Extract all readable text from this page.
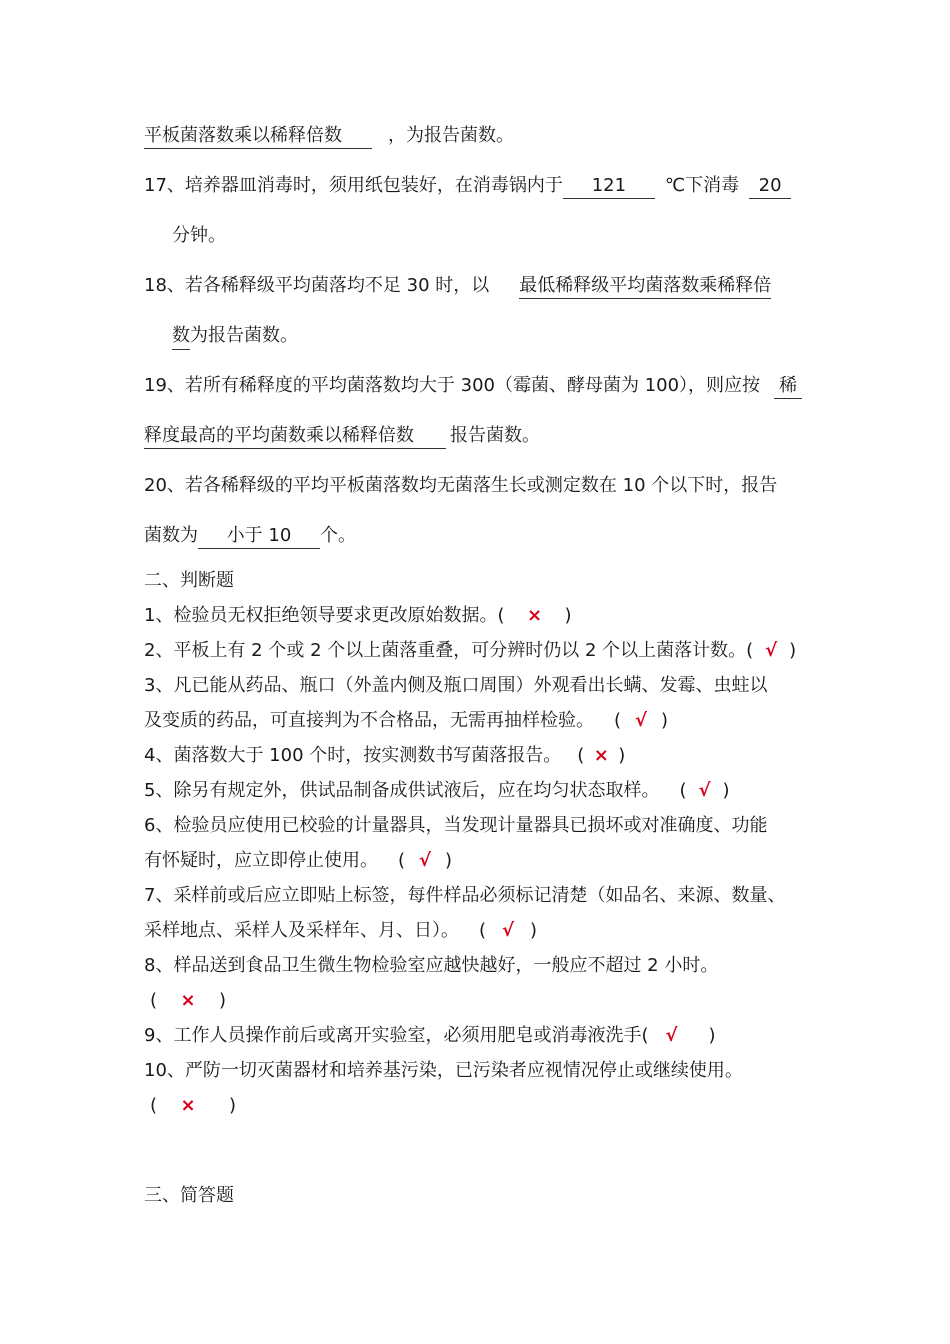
平板菌落数乘以稀释倍数	，为报告菌数。
17、培养器皿消毒时，须用纸包装好，在消毒锅内于 121 ℃下消毒 20
分钟。
18、若各稀释级平均菌落均不足 30 时，以 最低稀释级平均菌落数乘稀释倍
数为报告菌数。
19、若所有稀释度的平均菌落数均大于 300（霉菌、酵母菌为 100），则应按 稀
释度最高的平均菌数乘以稀释倍数 报告菌数。
20、若各稀释级的平均平板菌落数均无菌落生长或测定数在 10 个以下时，报告
菌数为 小于 10 个。
二、判断题
1、检验员无权拒绝领导要求更改原始数据。( × )
2、平板上有 2 个或 2 个以上菌落重叠，可分辨时仍以 2 个以上菌落计数。( √ )
3、凡已能从药品、瓶口（外盖内侧及瓶口周围）外观看出长螨、发霉、虫蛀以
及变质的药品，可直接判为不合格品，无需再抽样检验。 ( √ )
4、菌落数大于 100 个时，按实测数书写菌落报告。 ( × )
5、除另有规定外，供试品制备成供试液后，应在均匀状态取样。 ( √ )
6、检验员应使用已校验的计量器具，当发现计量器具已损坏或对准确度、功能
有怀疑时，应立即停止使用。 ( √ )
7、采样前或后应立即贴上标签，每件样品必须标记清楚（如品名、来源、数量、
采样地点、采样人及采样年、月、日）。 ( √ )
8、样品送到食品卫生微生物检验室应越快越好，一般应不超过 2 小时。
( × )
9、工作人员操作前后或离开实验室，必须用肥皂或消毒液洗手( √ )
10、严防一切灭菌器材和培养基污染，已污染者应视情况停止或继续使用。
( × )
三、简答题
